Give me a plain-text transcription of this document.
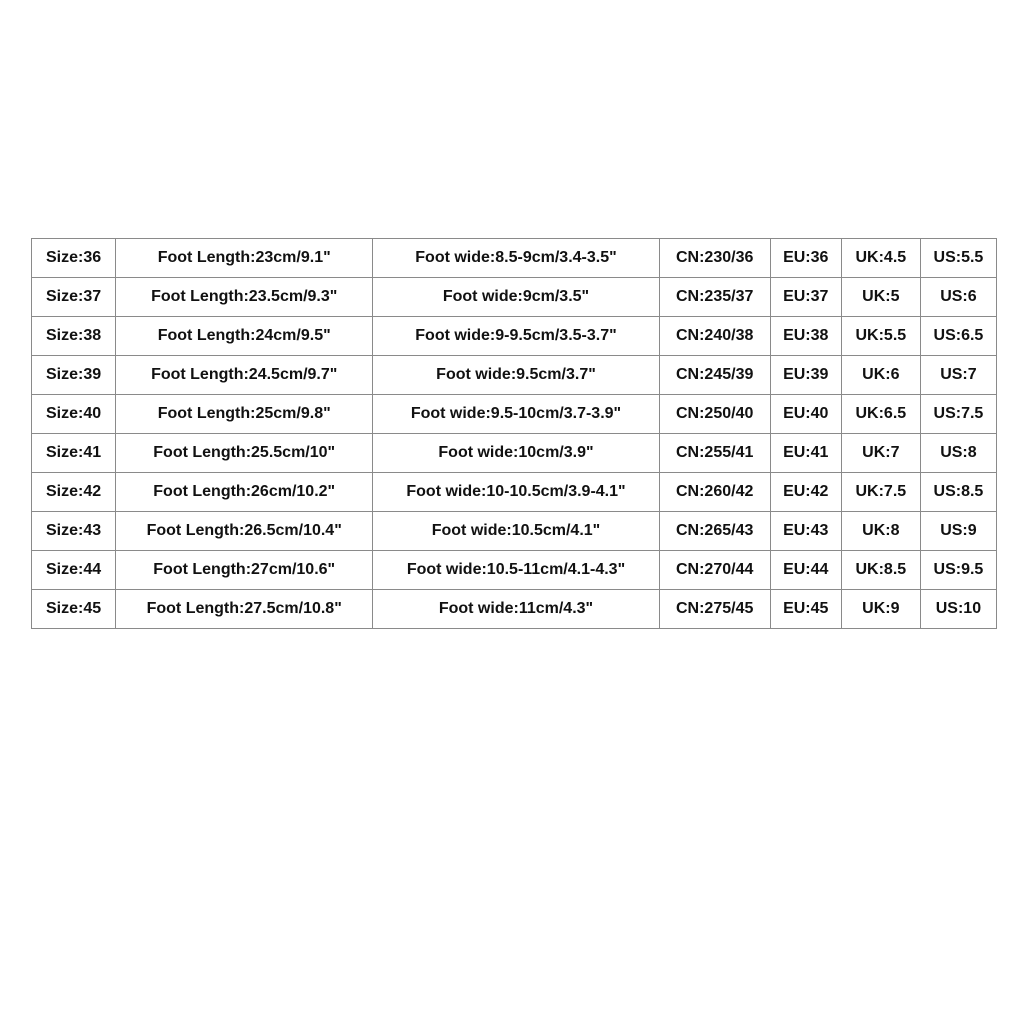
Size:36	Foot Length:23cm/9.1"	Foot wide:8.5-9cm/3.4-3.5"	CN:230/36	EU:36	UK:4.5	US:5.5
Size:37	Foot Length:23.5cm/9.3"	Foot wide:9cm/3.5"	CN:235/37	EU:37	UK:5	US:6
Size:38	Foot Length:24cm/9.5"	Foot wide:9-9.5cm/3.5-3.7"	CN:240/38	EU:38	UK:5.5	US:6.5
Size:39	Foot Length:24.5cm/9.7"	Foot wide:9.5cm/3.7"	CN:245/39	EU:39	UK:6	US:7
Size:40	Foot Length:25cm/9.8"	Foot wide:9.5-10cm/3.7-3.9"	CN:250/40	EU:40	UK:6.5	US:7.5
Size:41	Foot Length:25.5cm/10"	Foot wide:10cm/3.9"	CN:255/41	EU:41	UK:7	US:8
Size:42	Foot Length:26cm/10.2"	Foot wide:10-10.5cm/3.9-4.1"	CN:260/42	EU:42	UK:7.5	US:8.5
Size:43	Foot Length:26.5cm/10.4"	Foot wide:10.5cm/4.1"	CN:265/43	EU:43	UK:8	US:9
Size:44	Foot Length:27cm/10.6"	Foot wide:10.5-11cm/4.1-4.3"	CN:270/44	EU:44	UK:8.5	US:9.5
Size:45	Foot Length:27.5cm/10.8"	Foot wide:11cm/4.3"	CN:275/45	EU:45	UK:9	US:10
